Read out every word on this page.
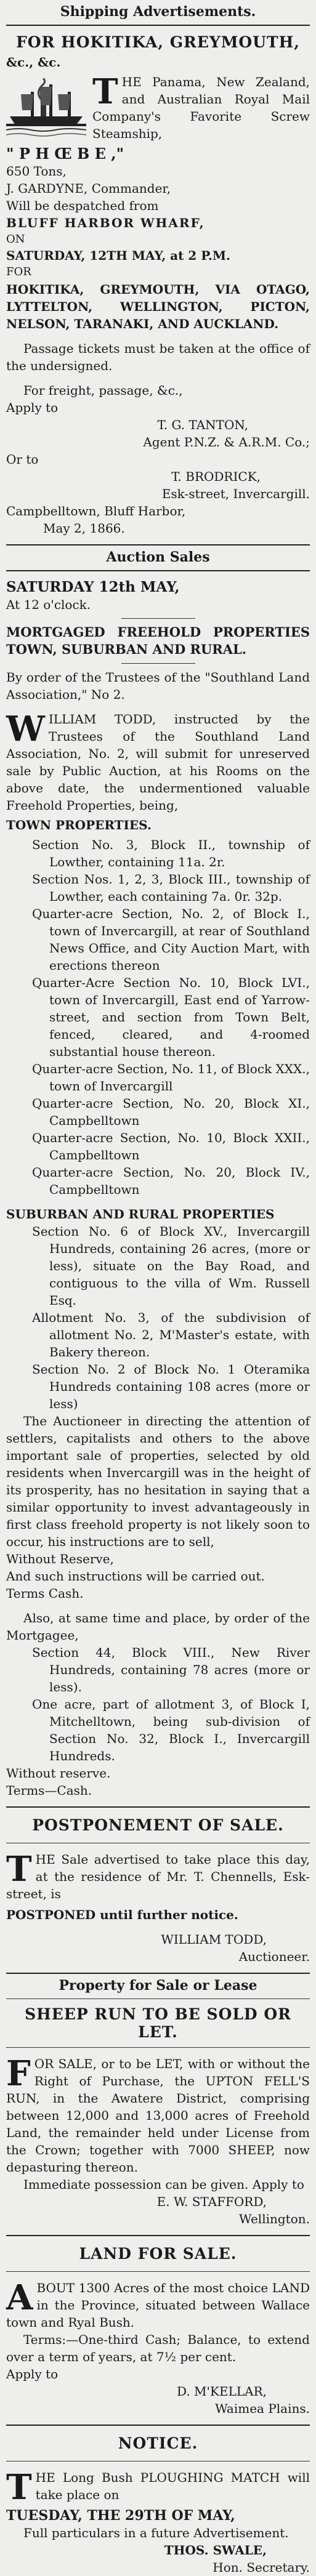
Shipping Advertisements.
FOR HOKITIKA, GREYMOUTH,
&c., &c.

THE Panama, New Zealand, and Australian Royal Mail Company's Favorite Screw Steamship,

" P H Œ B E ,"
650 Tons,
J. GARDYNE, Commander,
Will be despatched from
BLUFF HARBOR WHARF,
ON
SATURDAY, 12TH MAY, at 2 P.M.
FOR

HOKITIKA, GREYMOUTH, VIA OTAGO, LYTTELTON, WELLINGTON, PICTON, NELSON, TARANAKI, AND AUCKLAND.

Passage tickets must be taken at the office of the undersigned.

For freight, passage, &c.,

Apply to
T. G. TANTON,
Agent P.N.Z. & A.R.M. Co.;
Or to
T. BRODRICK,
Esk-street, Invercargill.
Campbelltown, Bluff Harbor,
May 2, 1866.
Auction Sales
SATURDAY 12th MAY,
At 12 o'clock.

MORTGAGED FREEHOLD PROPERTIES TOWN, SUBURBAN AND RURAL.

By order of the Trustees of the "Southland Land Association," No 2.

WILLIAM TODD, instructed by the Trustees of the Southland Land Association, No. 2, will submit for unreserved sale by Public Auction, at his Rooms on the above date, the undermentioned valuable Freehold Properties, being,

TOWN PROPERTIES.

Section No. 3, Block II., township of Lowther, containing 11a. 2r.

Section Nos. 1, 2, 3, Block III., township of Lowther, each containing 7a. 0r. 32p.

Quarter-acre Section, No. 2, of Block I., town of Invercargill, at rear of Southland News Office, and City Auction Mart, with erections thereon

Quarter-Acre Section No. 10, Block LVI., town of Invercargill, East end of Yarrow-street, and section from Town Belt, fenced, cleared, and 4-roomed substantial house thereon.

Quarter-acre Section, No. 11, of Block XXX., town of Invercargill

Quarter-acre Section, No. 20, Block XI., Campbelltown

Quarter-acre Section, No. 10, Block XXII., Campbelltown

Quarter-acre Section, No. 20, Block IV., Campbelltown

SUBURBAN AND RURAL PROPERTIES

Section No. 6 of Block XV., Invercargill Hundreds, containing 26 acres, (more or less), situate on the Bay Road, and contiguous to the villa of Wm. Russell Esq.

Allotment No. 3, of the subdivision of allotment No. 2, M'Master's estate, with Bakery thereon.

Section No. 2 of Block No. 1 Oteramika Hundreds containing 108 acres (more or less)

The Auctioneer in directing the attention of settlers, capitalists and others to the above important sale of properties, selected by old residents when Invercargill was in the height of its prosperity, has no hesitation in saying that a similar opportunity to invest advantageously in first class freehold property is not likely soon to occur, his instructions are to sell,

Without Reserve,
And such instructions will be carried out.
Terms Cash.

Also, at same time and place, by order of the Mortgagee,

Section 44, Block VIII., New River Hundreds, containing 78 acres (more or less).

One acre, part of allotment 3, of Block I, Mitchelltown, being sub-division of Section No. 32, Block I., Invercargill Hundreds.

Without reserve.
Terms—Cash.
POSTPONEMENT OF SALE.

THE Sale advertised to take place this day, at the residence of Mr. T. Chennells, Esk-street, is

POSTPONED until further notice.
WILLIAM TODD,
Auctioneer.
Property for Sale or Lease
SHEEP RUN TO BE SOLD OR LET.

FOR SALE, or to be LET, with or without the Right of Purchase, the UPTON FELL'S RUN, in the Awatere District, comprising between 12,000 and 13,000 acres of Freehold Land, the remainder held under License from the Crown; together with 7000 SHEEP, now depasturing thereon.

Immediate possession can be given. Apply to

E. W. STAFFORD,
Wellington.
LAND FOR SALE.

ABOUT 1300 Acres of the most choice LAND in the Province, situated between Wallace town and Ryal Bush.

Terms:—One-third Cash; Balance, to extend over a term of years, at 7½ per cent.

Apply to
D. M'KELLAR,
Waimea Plains.
NOTICE.

THE Long Bush PLOUGHING MATCH will take place on

TUESDAY, THE 29TH OF MAY,
Full particulars in a future Advertisement.
THOS. SWALE,
Hon. Secretary.
